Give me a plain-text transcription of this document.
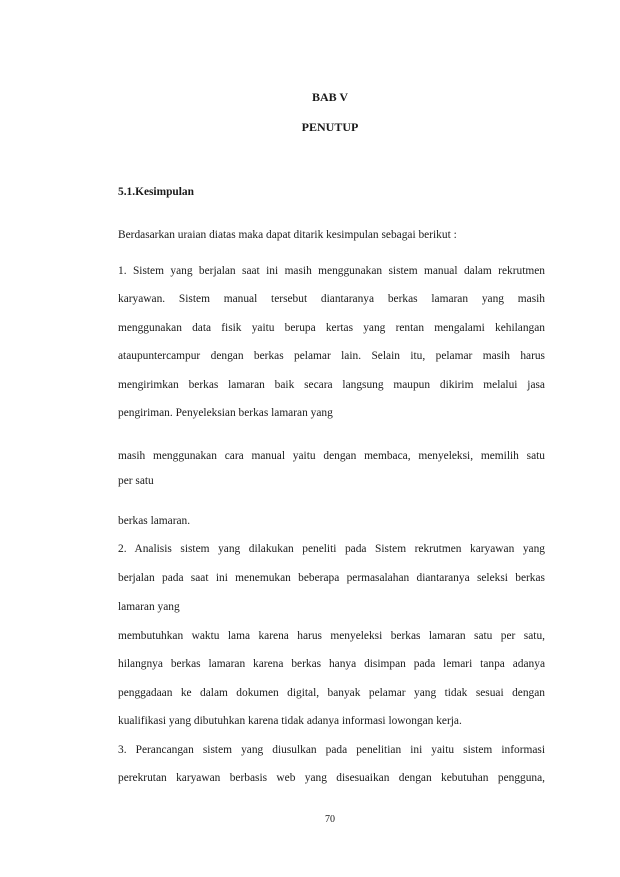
BAB V
PENUTUP
5.1.Kesimpulan
Berdasarkan uraian diatas maka dapat ditarik kesimpulan sebagai berikut :
1. Sistem yang berjalan saat ini masih menggunakan sistem manual dalam rekrutmen
karyawan. Sistem manual tersebut diantaranya berkas lamaran yang masih
menggunakan data fisik yaitu berupa kertas yang rentan mengalami kehilangan
ataupuntercampur dengan berkas pelamar lain. Selain itu, pelamar masih harus
mengirimkan berkas lamaran baik secara langsung maupun dikirim melalui jasa
pengiriman. Penyeleksian berkas lamaran yang
masih menggunakan cara manual yaitu dengan membaca, menyeleksi, memilih satu
per satu
berkas lamaran.
2. Analisis sistem yang dilakukan peneliti pada Sistem rekrutmen karyawan yang
berjalan pada saat ini menemukan beberapa permasalahan diantaranya seleksi berkas
lamaran yang
membutuhkan waktu lama karena harus menyeleksi berkas lamaran satu per satu,
hilangnya berkas lamaran karena berkas hanya disimpan pada lemari tanpa adanya
penggadaan ke dalam dokumen digital, banyak pelamar yang tidak sesuai dengan
kualifikasi yang dibutuhkan karena tidak adanya informasi lowongan kerja.
3. Perancangan sistem yang diusulkan pada penelitian ini yaitu sistem informasi
perekrutan karyawan berbasis web yang disesuaikan dengan kebutuhan pengguna,
70
